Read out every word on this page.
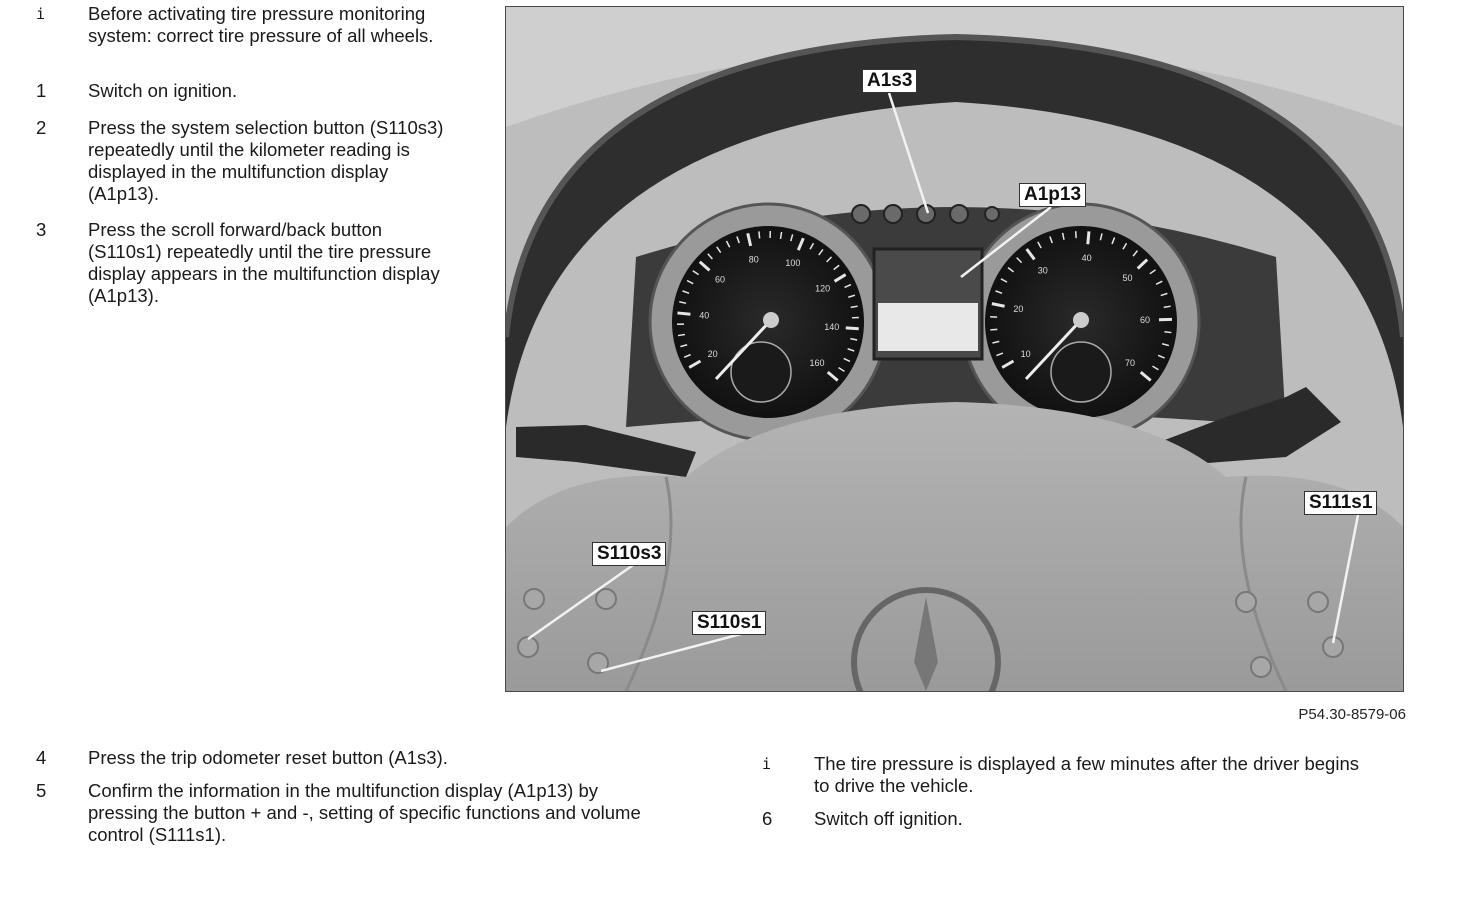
i Before activating tire pressure monitoring system: correct tire pressure of all wheels.
1 Switch on ignition.
2 Press the system selection button (S110s3) repeatedly until the kilometer reading is displayed in the multifunction display (A1p13).
3 Press the scroll forward/back button (S110s1) repeatedly until the tire pressure display appears in the multifunction display (A1p13).
20
40
60
80	100
120
140
160
10
20
30
40
50
60
70
A1s3
A1p13
S110s3
S110s1
S111s1
P54.30-8579-06
4 Press the trip odometer reset button (A1s3).
5 Confirm the information in the multifunction display (A1p13) by pressing the button + and -, setting of specific functions and volume control (S111s1).
i The tire pressure is displayed a few minutes after the driver begins to drive the vehicle.
6 Switch off ignition.
